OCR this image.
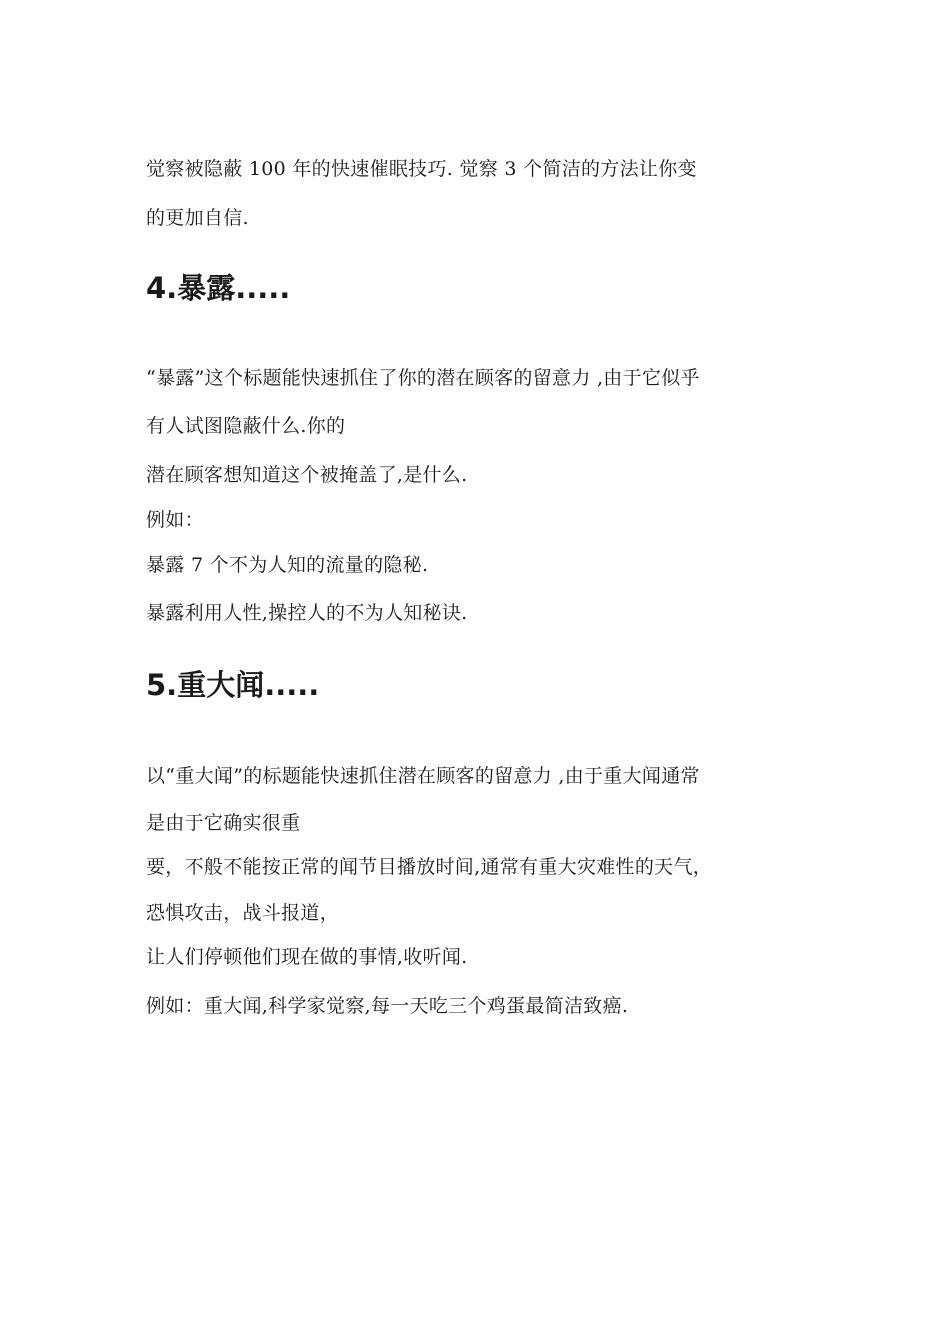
觉察被隐蔽 100 年的快速催眠技巧. 觉察 3 个简洁的方法让你变
的更加自信.
4.暴露.....
“暴露”这个标题能快速抓住了你的潜在顾客的留意力 ,由于它似乎
有人试图隐蔽什么.你的
潜在顾客想知道这个被掩盖了,是什么.
例如：
暴露 7 个不为人知的流量的隐秘.
暴露利用人性,操控人的不为人知秘诀.
5.重大闻.....
以“重大闻”的标题能快速抓住潜在顾客的留意力 ,由于重大闻通常
是由于它确实很重
要，不般不能按正常的闻节目播放时间,通常有重大灾难性的天气，
恐惧攻击，战斗报道，
让人们停顿他们现在做的事情,收听闻.
例如：重大闻,科学家觉察,每一天吃三个鸡蛋最简洁致癌.
